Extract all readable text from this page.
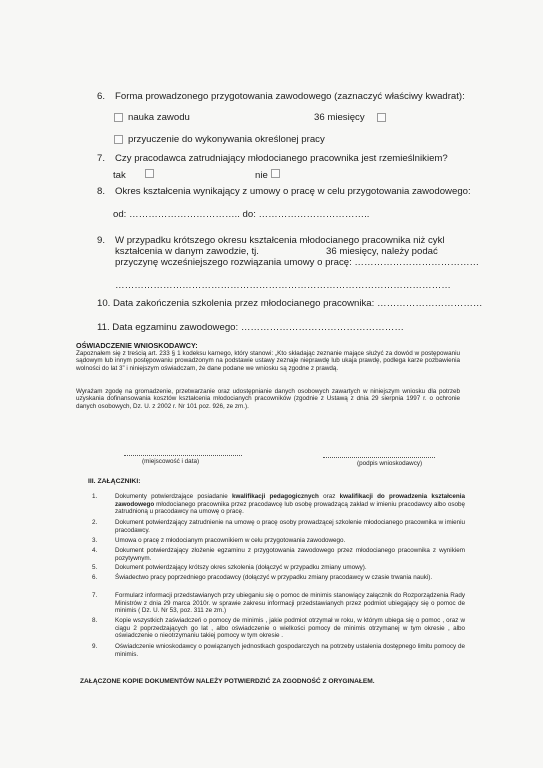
6. Forma prowadzonego przygotowania zawodowego (zaznaczyć właściwy kwadrat):
nauka zawodu	36 miesięcy
przyuczenie do wykonywania określonej pracy
7. Czy pracodawca zatrudniający młodocianego pracownika jest rzemieślnikiem?
tak	nie
8. Okres kształcenia wynikający z umowy o pracę w celu przygotowania zawodowego:
od: …………………………….. do: ……………………………..
9. W przypadku krótszego okresu kształcenia młodocianego pracownika niż cykl
kształcenia w danym zawodzie, tj.	36 miesięcy, należy podać
przyczynę wcześniejszego rozwiązania umowy o pracę: …………………………………
……………………………………………………………………………………………
10. Data zakończenia szkolenia przez młodocianego pracownika: ……………………………
11. Data egzaminu zawodowego: ……………………………………………
OŚWIADCZENIE WNIOSKODAWCY:
Zapoznałem się z treścią art. 233 § 1 kodeksu karnego, który stanowi: „Kto składając zeznanie mające służyć za dowód w postępowaniu sądowym lub innym postępowaniu prowadzonym na podstawie ustawy zeznaje nieprawdę lub ukaja prawdę, podlega karze pozbawienia wolności do lat 3” i niniejszym oświadczam, że dane podane we wniosku są zgodne z prawdą.
Wyrażam zgodę na gromadzenie, przetwarzanie oraz udostępnianie danych osobowych zawartych w niniejszym wniosku dla potrzeb uzyskania dofinansowania kosztów kształcenia młodocianych pracowników (zgodnie z Ustawą z dnia 29 sierpnia 1997 r. o ochronie danych osobowych, Dz. U. z 2002 r. Nr 101 poz. 926, ze zm.).
(miejscowość i data)	(podpis wnioskodawcy)
III. ZAŁĄCZNIKI:
1.	Dokumenty potwierdzające posiadanie kwalifikacji pedagogicznych oraz kwalifikacji do prowadzenia kształcenia zawodowego młodocianego pracownika przez pracodawcę lub osobę prowadzącą zakład w imieniu pracodawcy albo osobę zatrudnioną u pracodawcy na umowę o pracę.
2.	Dokument potwierdzający zatrudnienie na umowę o pracę osoby prowadzącej szkolenie młodocianego pracownika w imieniu pracodawcy.
3.	Umowa o pracę z młodocianym pracownikiem w celu przygotowania zawodowego.
4.	Dokument potwierdzający złożenie egzaminu z przygotowania zawodowego przez młodocianego pracownika z wynikiem pozytywnym.
5.	Dokument potwierdzający krótszy okres szkolenia (dołączyć w przypadku zmiany umowy).
6.	Świadectwo pracy poprzedniego pracodawcy (dołączyć w przypadku zmiany pracodawcy w czasie trwania nauki).
7.	Formularz informacji przedstawianych przy ubieganiu się o pomoc de minimis stanowiący załącznik do Rozporządzenia Rady Ministrów z dnia 29 marca 2010r. w sprawie zakresu informacji przedstawianych przez podmiot ubiegający się o pomoc de minimis ( Dz. U. Nr 53, poz. 311 ze zm.)
8.	Kopie wszystkich zaświadczeń o pomocy de minimis , jakie podmiot otrzymał w roku, w którym ubiega się o pomoc , oraz w ciągu 2 poprzedzających go lat , albo oświadczenie o wielkości pomocy de minimis otrzymanej w tym okresie , albo oświadczenie o nieotrzymaniu takiej pomocy w tym okresie .
9.	Oświadczenie wnioskodawcy o powiązanych jednostkach gospodarczych na potrzeby ustalenia dostępnego limitu pomocy de minimis.
ZAŁĄCZONE KOPIE DOKUMENTÓW NALEŻY POTWIERDZIĆ ZA ZGODNOŚĆ Z ORYGINAŁEM.
